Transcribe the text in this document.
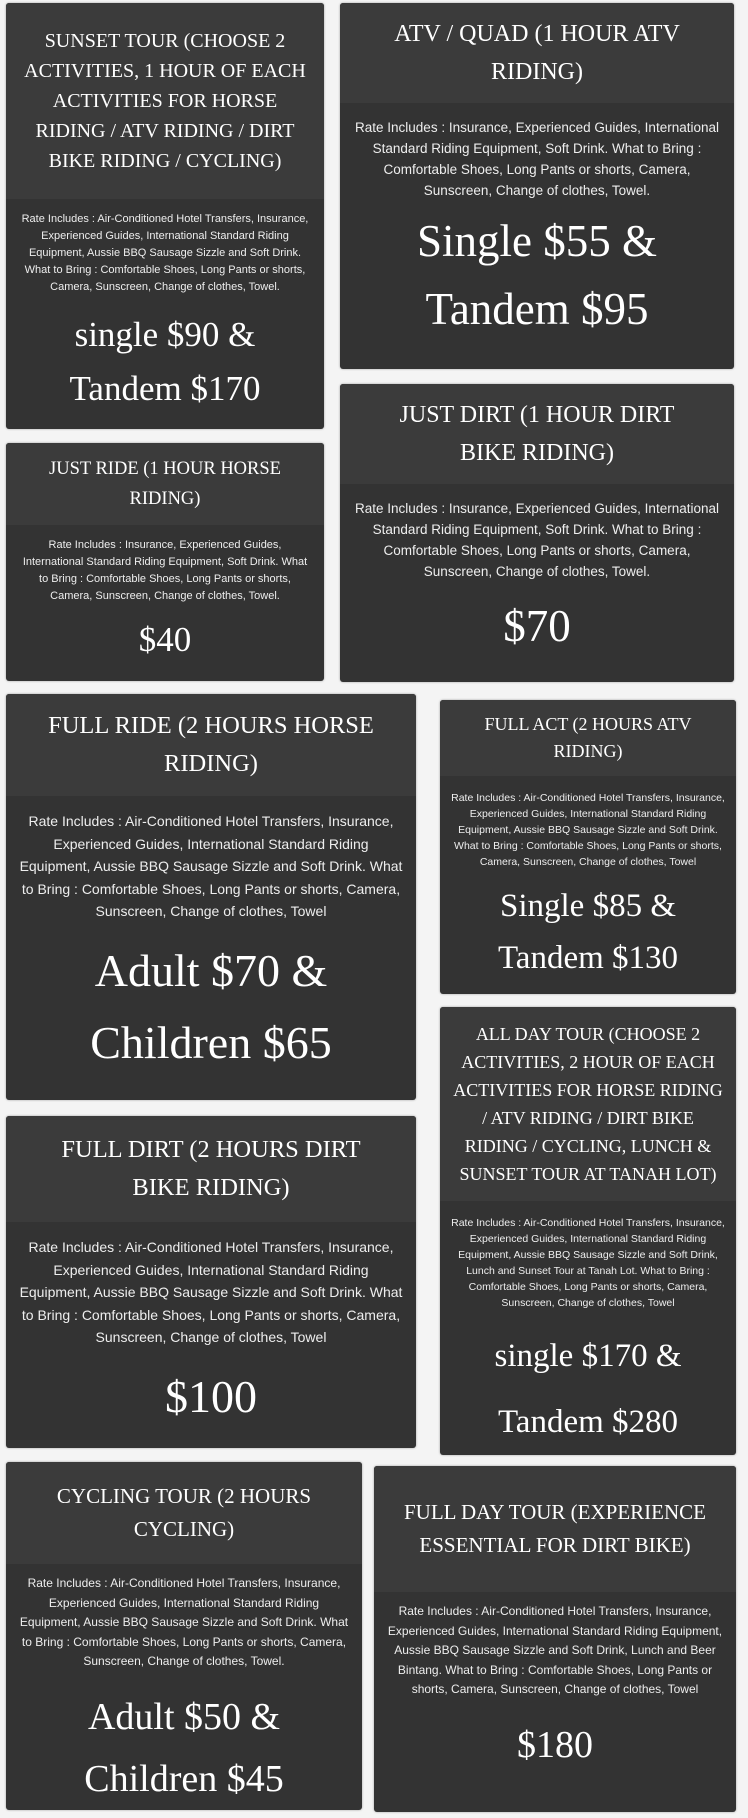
SUNSET TOUR (CHOOSE 2 ACTIVITIES, 1 HOUR OF EACH ACTIVITIES FOR HORSE RIDING / ATV RIDING / DIRT BIKE RIDING / CYCLING)
Rate Includes : Air-Conditioned Hotel Transfers, Insurance, Experienced Guides, International Standard Riding Equipment, Aussie BBQ Sausage Sizzle and Soft Drink. What to Bring : Comfortable Shoes, Long Pants or shorts, Camera, Sunscreen, Change of clothes, Towel.
single $90 & Tandem $170
ATV / QUAD (1 HOUR ATV RIDING)
Rate Includes : Insurance, Experienced Guides, International Standard Riding Equipment, Soft Drink. What to Bring : Comfortable Shoes, Long Pants or shorts, Camera, Sunscreen, Change of clothes, Towel.
Single $55 & Tandem $95
JUST RIDE (1 HOUR HORSE RIDING)
Rate Includes : Insurance, Experienced Guides, International Standard Riding Equipment, Soft Drink. What to Bring : Comfortable Shoes, Long Pants or shorts, Camera, Sunscreen, Change of clothes, Towel.
$40
JUST DIRT (1 HOUR DIRT BIKE RIDING)
Rate Includes : Insurance, Experienced Guides, International Standard Riding Equipment, Soft Drink. What to Bring : Comfortable Shoes, Long Pants or shorts, Camera, Sunscreen, Change of clothes, Towel.
$70
FULL RIDE (2 HOURS HORSE RIDING)
Rate Includes : Air-Conditioned Hotel Transfers, Insurance, Experienced Guides, International Standard Riding Equipment, Aussie BBQ Sausage Sizzle and Soft Drink. What to Bring : Comfortable Shoes, Long Pants or shorts, Camera, Sunscreen, Change of clothes, Towel
Adult $70 & Children $65
FULL ACT (2 HOURS ATV RIDING)
Rate Includes : Air-Conditioned Hotel Transfers, Insurance, Experienced Guides, International Standard Riding Equipment, Aussie BBQ Sausage Sizzle and Soft Drink. What to Bring : Comfortable Shoes, Long Pants or shorts, Camera, Sunscreen, Change of clothes, Towel
Single $85 & Tandem $130
ALL DAY TOUR (CHOOSE 2 ACTIVITIES, 2 HOUR OF EACH ACTIVITIES FOR HORSE RIDING / ATV RIDING / DIRT BIKE RIDING / CYCLING, LUNCH & SUNSET TOUR AT TANAH LOT)
Rate Includes : Air-Conditioned Hotel Transfers, Insurance, Experienced Guides, International Standard Riding Equipment, Aussie BBQ Sausage Sizzle and Soft Drink, Lunch and Sunset Tour at Tanah Lot. What to Bring : Comfortable Shoes, Long Pants or shorts, Camera, Sunscreen, Change of clothes, Towel
single $170 & Tandem $280
FULL DIRT (2 HOURS DIRT BIKE RIDING)
Rate Includes : Air-Conditioned Hotel Transfers, Insurance, Experienced Guides, International Standard Riding Equipment, Aussie BBQ Sausage Sizzle and Soft Drink. What to Bring : Comfortable Shoes, Long Pants or shorts, Camera, Sunscreen, Change of clothes, Towel
$100
CYCLING TOUR (2 HOURS CYCLING)
Rate Includes : Air-Conditioned Hotel Transfers, Insurance, Experienced Guides, International Standard Riding Equipment, Aussie BBQ Sausage Sizzle and Soft Drink. What to Bring : Comfortable Shoes, Long Pants or shorts, Camera, Sunscreen, Change of clothes, Towel.
Adult $50 & Children $45
FULL DAY TOUR (EXPERIENCE ESSENTIAL FOR DIRT BIKE)
Rate Includes : Air-Conditioned Hotel Transfers, Insurance, Experienced Guides, International Standard Riding Equipment, Aussie BBQ Sausage Sizzle and Soft Drink, Lunch and Beer Bintang. What to Bring : Comfortable Shoes, Long Pants or shorts, Camera, Sunscreen, Change of clothes, Towel
$180
